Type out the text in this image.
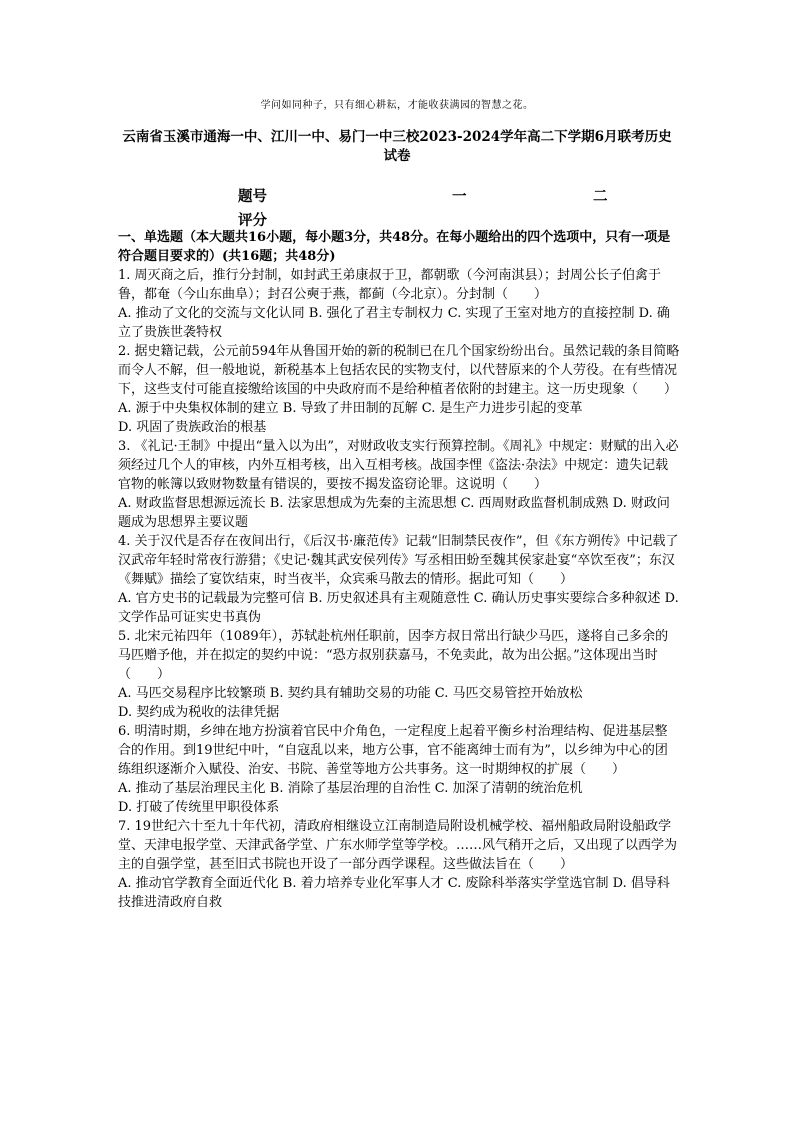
学问如同种子，只有细心耕耘，才能收获满园的智慧之花。
云南省玉溪市通海一中、江川一中、易门一中三校2023-2024学年高二下学期6月联考历史试卷
题号	一	二
评分

一、单选题（本大题共16小题，每小题3分，共48分。在每小题给出的四个选项中，只有一项是符合题目要求的）(共16题；共48分)

1. 周灭商之后，推行分封制，如封武王弟康叔于卫，都朝歌（今河南淇县）；封周公长子伯禽于鲁，都奄（今山东曲阜）；封召公奭于燕，都蓟（今北京）。分封制（　　）

A. 推动了文化的交流与文化认同 B. 强化了君主专制权力 C. 实现了王室对地方的直接控制 D. 确立了贵族世袭特权

2. 据史籍记载，公元前594年从鲁国开始的新的税制已在几个国家纷纷出台。虽然记载的条目简略而令人不解，但一般地说，新税基本上包括农民的实物支付，以代替原来的个人劳役。在有些情况下，这些支付可能直接缴给该国的中央政府而不是给种植者依附的封建主。这一历史现象（　　）

A. 源于中央集权体制的建立 B. 导致了井田制的瓦解 C. 是生产力进步引起的变革

D. 巩固了贵族政治的根基

3. 《礼记·王制》中提出“量入以为出”，对财政收支实行预算控制。《周礼》中规定：财赋的出入必须经过几个人的审核，内外互相考核，出入互相考核。战国李悝《盗法·杂法》中规定：遗失记载官物的帐簿以致财物数量有错误的，要按不揭发盗窃论罪。这说明（　　）

A. 财政监督思想源远流长 B. 法家思想成为先秦的主流思想 C. 西周财政监督机制成熟 D. 财政问题成为思想界主要议题

4. 关于汉代是否存在夜间出行，《后汉书·廉范传》记载“旧制禁民夜作”，但《东方朔传》中记载了汉武帝年轻时常夜行游猎；《史记·魏其武安侯列传》写丞相田蚡至魏其侯家赴宴“卒饮至夜”；东汉《舞赋》描绘了宴饮结束，时当夜半，众宾乘马散去的情形。据此可知（　　）

A. 官方史书的记载最为完整可信 B. 历史叙述具有主观随意性 C. 确认历史事实要综合多种叙述 D. 文学作品可证实史书真伪

5. 北宋元祐四年（1089年），苏轼赴杭州任职前，因李方叔日常出行缺少马匹，遂将自己多余的马匹赠予他，并在拟定的契约中说：“恐方叔别获嘉马，不免卖此，故为出公据。”这体现出当时（　　）

A. 马匹交易程序比较繁琐 B. 契约具有辅助交易的功能 C. 马匹交易管控开始放松

D. 契约成为税收的法律凭据

6. 明清时期，乡绅在地方扮演着官民中介角色，一定程度上起着平衡乡村治理结构、促进基层整合的作用。到19世纪中叶，“自寇乱以来，地方公事，官不能离绅士而有为”，以乡绅为中心的团练组织逐渐介入赋役、治安、书院、善堂等地方公共事务。这一时期绅权的扩展（　　）

A. 推动了基层治理民主化 B. 消除了基层治理的自治性 C. 加深了清朝的统治危机

D. 打破了传统里甲职役体系

7. 19世纪六十至九十年代初，清政府相继设立江南制造局附设机械学校、福州船政局附设船政学堂、天津电报学堂、天津武备学堂、广东水师学堂等学校。……风气稍开之后，又出现了以西学为主的自强学堂，甚至旧式书院也开设了一部分西学课程。这些做法旨在（　　）

A. 推动官学教育全面近代化 B. 着力培养专业化军事人才 C. 废除科举落实学堂选官制 D. 倡导科技推进清政府自救
